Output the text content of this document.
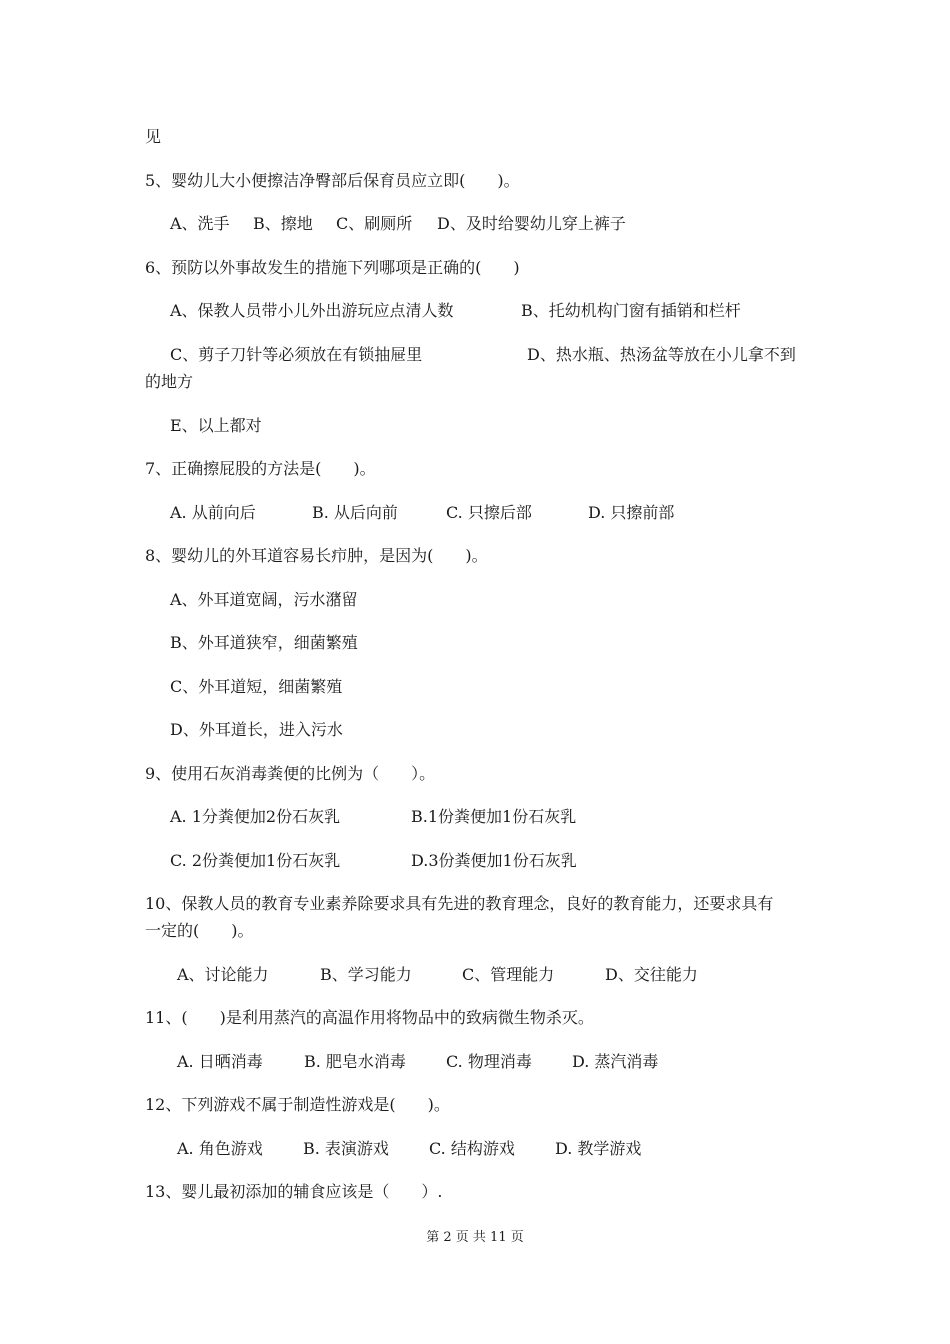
见
5、婴幼儿大小便擦洁净臀部后保育员应立即(　　)。
A、洗手 B、擦地 C、刷厕所 D、及时给婴幼儿穿上裤子
6、预防以外事故发生的措施下列哪项是正确的(　　)
A、保教人员带小儿外出游玩应点清人数	B、托幼机构门窗有插销和栏杆
C、剪子刀针等必须放在有锁抽屉里	D、热水瓶、热汤盆等放在小儿拿不到
的地方
E、以上都对
7、正确擦屁股的方法是(　　)。
A. 从前向后	B. 从后向前	C. 只擦后部	D. 只擦前部
8、婴幼儿的外耳道容易长疖肿，是因为(　　)。
A、外耳道宽阔，污水潴留
B、外耳道狭窄，细菌繁殖
C、外耳道短，细菌繁殖
D、外耳道长，进入污水
9、使用石灰消毒粪便的比例为（　　）。
A. 1分粪便加2份石灰乳	B.1份粪便加1份石灰乳
C. 2份粪便加1份石灰乳	D.3份粪便加1份石灰乳
10、保教人员的教育专业素养除要求具有先进的教育理念，良好的教育能力，还要求具有
一定的(　　)。
A、讨论能力	B、学习能力	C、管理能力	D、交往能力
11、(　　)是利用蒸汽的高温作用将物品中的致病微生物杀灭。
A. 日晒消毒	B. 肥皂水消毒	C. 物理消毒	D. 蒸汽消毒
12、下列游戏不属于制造性游戏是(　　)。
A. 角色游戏	B. 表演游戏	C. 结构游戏	D. 教学游戏
13、婴儿最初添加的辅食应该是（　　）.
第 2 页 共 11 页
